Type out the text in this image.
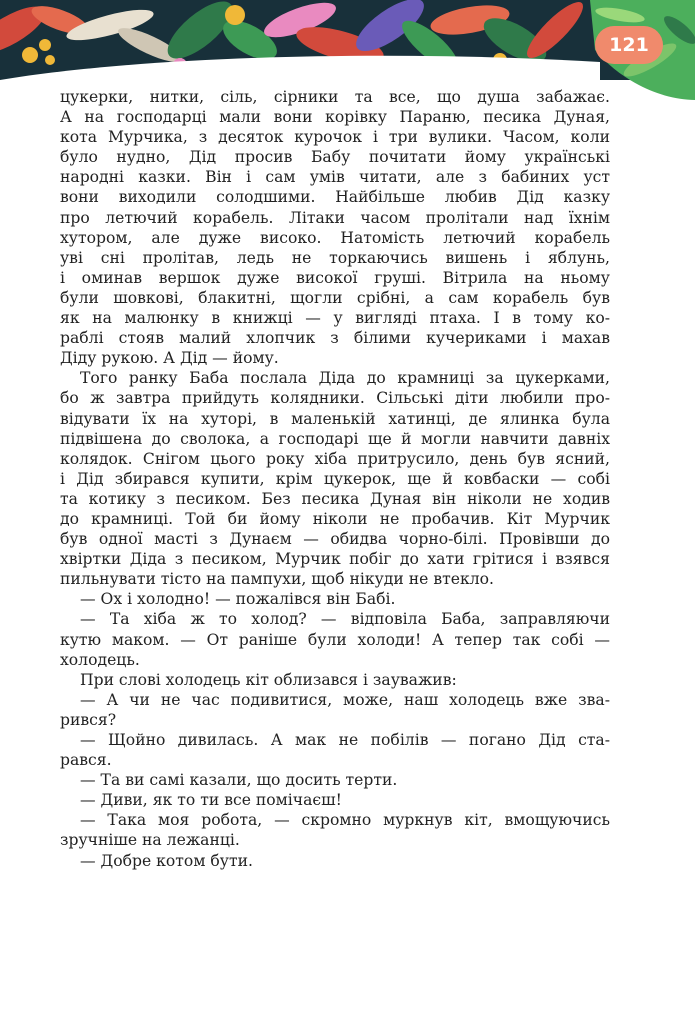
121
цукерки, нитки, сіль, сірники та все, що душа забажає.
А на господарці мали вони корівку Параню, песика Дуная,
кота Мурчика, з десяток курочок і три вулики. Часом, коли
було нудно, Дід просив Бабу почитати йому українські
народні казки. Він і сам умів читати, але з бабиних уст
вони виходили солодшими. Найбільше любив Дід казку
про летючий корабель. Літаки часом пролітали над їхнім
хутором, але дуже високо. Натомість летючий корабель
уві сні пролітав, ледь не торкаючись вишень і яблунь,
і оминав вершок дуже високої груші. Вітрила на ньому
були шовкові, блакитні, щогли срібні, а сам корабель був
як на малюнку в книжці — у вигляді птаха. І в тому ко-
раблі стояв малий хлопчик з білими кучериками і махав
Діду рукою. А Дід — йому.
Того ранку Баба послала Діда до крамниці за цукерками,
бо ж завтра прийдуть колядники. Сільські діти любили про-
відувати їх на хуторі, в маленькій хатинці, де ялинка була
підвішена до сволока, а господарі ще й могли навчити давніх
колядок. Снігом цього року хіба притрусило, день був ясний,
і Дід збирався купити, крім цукерок, ще й ковбаски — собі
та котику з песиком. Без песика Дуная він ніколи не ходив
до крамниці. Той би йому ніколи не пробачив. Кіт Мурчик
був одної масті з Дунаєм — обидва чорно-білі. Провівши до
хвіртки Діда з песиком, Мурчик побіг до хати грітися і взявся
пильнувати тісто на пампухи, щоб нікуди не втекло.
— Ох і холодно! — пожалівся він Бабі.
— Та хіба ж то холод? — відповіла Баба, заправляючи
кутю маком. — От раніше були холоди! А тепер так собі —
холодець.
При слові холодець кіт облизався і зауважив:
— А чи не час подивитися, може, наш холодець вже зва-
рився?
— Щойно дивилась. А мак не побілів — погано Дід ста-
рався.
— Та ви самі казали, що досить терти.
— Диви, як то ти все помічаєш!
— Така моя робота, — скромно муркнув кіт, вмощуючись
зручніше на лежанці.
— Добре котом бути.
